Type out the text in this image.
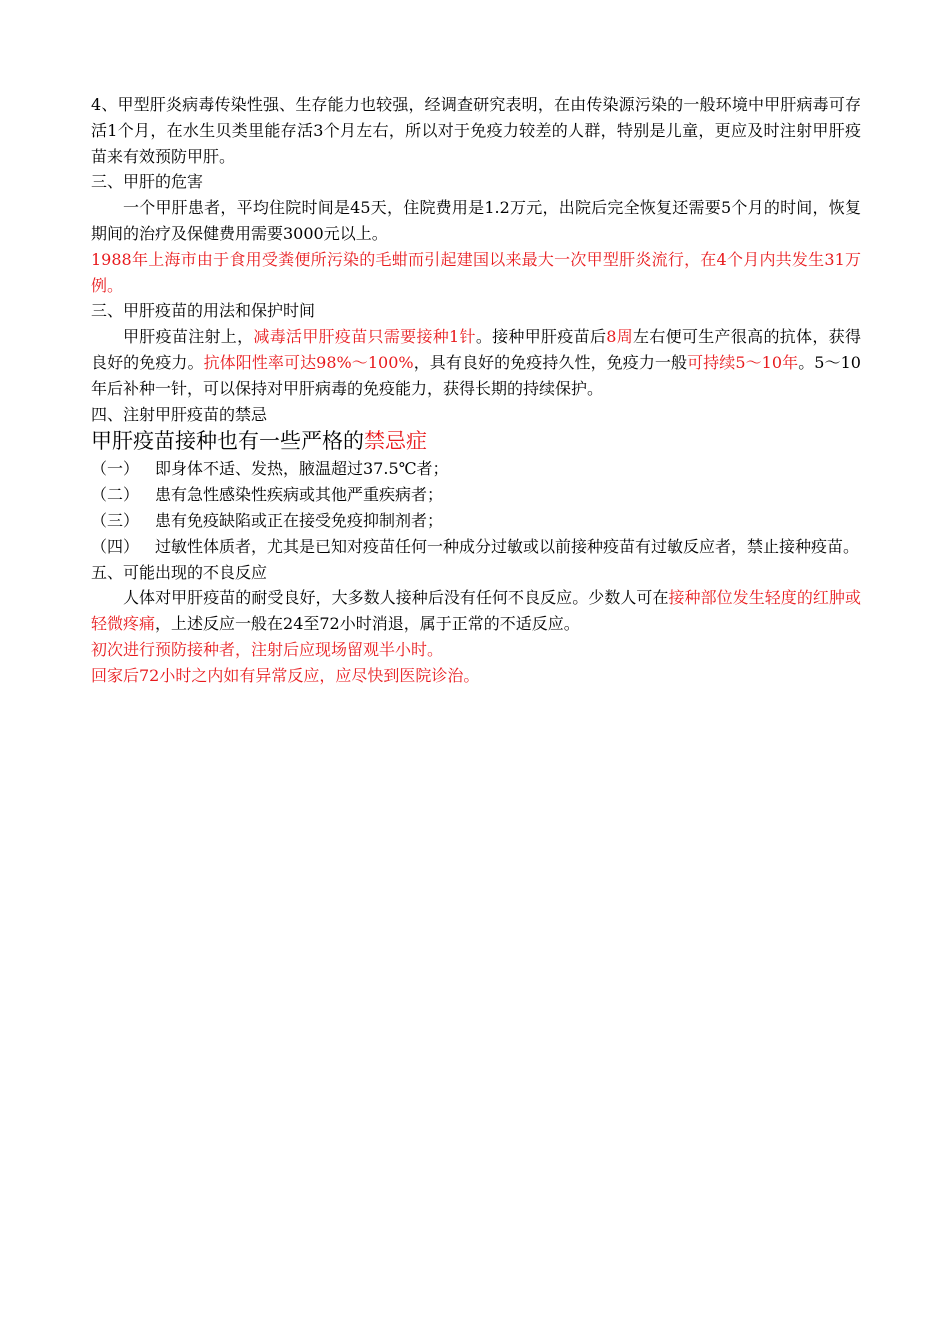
4、甲型肝炎病毒传染性强、生存能力也较强，经调查研究表明，在由传染源污染的一般环境中甲肝病毒可存活1个月，在水生贝类里能存活3个月左右，所以对于免疫力较差的人群，特别是儿童，更应及时注射甲肝疫苗来有效预防甲肝。

三、甲肝的危害

一个甲肝患者，平均住院时间是45天，住院费用是1.2万元，出院后完全恢复还需要5个月的时间，恢复期间的治疗及保健费用需要3000元以上。

1988年上海市由于食用受粪便所污染的毛蚶而引起建国以来最大一次甲型肝炎流行，在4个月内共发生31万例。

三、甲肝疫苗的用法和保护时间

甲肝疫苗注射上，减毒活甲肝疫苗只需要接种1针。接种甲肝疫苗后8周左右便可生产很高的抗体，获得良好的免疫力。抗体阳性率可达98%～100%，具有良好的免疫持久性，免疫力一般可持续5～10年。5～10年后补种一针，可以保持对甲肝病毒的免疫能力，获得长期的持续保护。

四、注射甲肝疫苗的禁忌

甲肝疫苗接种也有一些严格的禁忌症

（一） 即身体不适、发热，腋温超过37.5℃者；
（二） 患有急性感染性疾病或其他严重疾病者；
（三） 患有免疫缺陷或正在接受免疫抑制剂者；
（四） 过敏性体质者，尤其是已知对疫苗任何一种成分过敏或以前接种疫苗有过敏反应者，禁止接种疫苗。

五、可能出现的不良反应

人体对甲肝疫苗的耐受良好，大多数人接种后没有任何不良反应。少数人可在接种部位发生轻度的红肿或轻微疼痛，上述反应一般在24至72小时消退，属于正常的不适反应。

初次进行预防接种者，注射后应现场留观半小时。

回家后72小时之内如有异常反应，应尽快到医院诊治。
